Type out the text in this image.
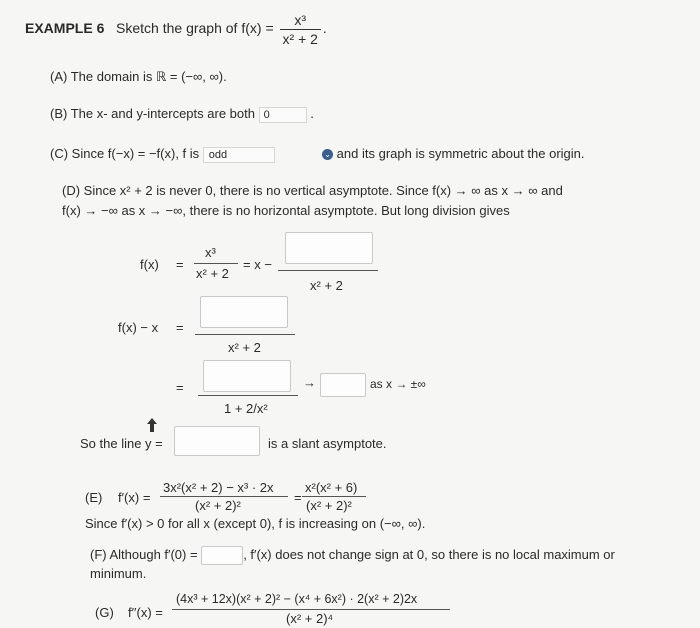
EXAMPLE 6 Sketch the graph of $f(x) = \frac{\text{x³}}{\text{x² + 2}}$ .
(A) The domain is ℝ = (−∞, ∞).
(B) The x- and y-intercepts are both 0	.
(C) Since f(−x) = −f(x), f is odd	⌄ and its graph is symmetric about the origin.
(D) Since x² + 2 is never 0, there is no vertical asymptote. Since f(x) → ∞ as x → ∞ and
f(x) → −∞ as x → −∞, there is no horizontal asymptote. But long division gives
f(x) =
x³
x² + 2
= x −
x² + 2
f(x) − x =
x² + 2
=
1 + 2/x²
→	as x → ±∞
So the line y =	is a slant asymptote.
(E) f′(x) =
3x²(x² + 2) − x³ · 2x
(x² + 2)²
=
x²(x² + 6)
(x² + 2)²
Since f′(x) > 0 for all x (except 0), f is increasing on (−∞, ∞).
(F) Although f′(0) =	, f′(x) does not change sign at 0, so there is no local maximum or
minimum.
(G) f′′(x) =
(4x³ + 12x)(x² + 2)² − (x⁴ + 6x²) · 2(x² + 2)2x
(x² + 2)⁴
